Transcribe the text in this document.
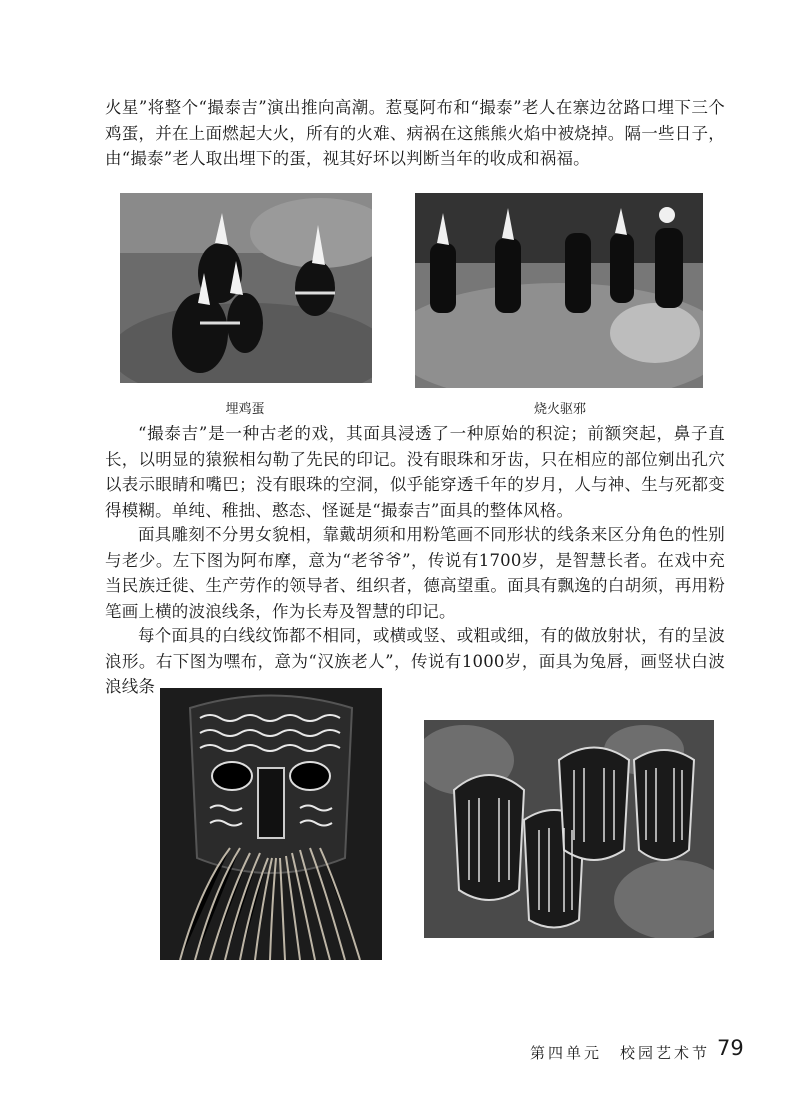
火星”将整个“撮泰吉”演出推向高潮。惹戛阿布和“撮泰”老人在寨边岔路口埋下三个鸡蛋，并在上面燃起大火，所有的火难、病祸在这熊熊火焰中被烧掉。隔一些日子，由“撮泰”老人取出埋下的蛋，视其好坏以判断当年的收成和祸福。
埋鸡蛋	烧火驱邪
“撮泰吉”是一种古老的戏，其面具浸透了一种原始的积淀；前额突起，鼻子直长，以明显的猿猴相勾勒了先民的印记。没有眼珠和牙齿，只在相应的部位剜出孔穴以表示眼睛和嘴巴；没有眼珠的空洞，似乎能穿透千年的岁月，人与神、生与死都变得模糊。单纯、稚拙、憨态、怪诞是“撮泰吉”面具的整体风格。
面具雕刻不分男女貌相，靠戴胡须和用粉笔画不同形状的线条来区分角色的性别与老少。左下图为阿布摩，意为“老爷爷”，传说有1700岁，是智慧长者。在戏中充当民族迁徙、生产劳作的领导者、组织者，德高望重。面具有飘逸的白胡须，再用粉笔画上横的波浪线条，作为长寿及智慧的印记。
每个面具的白线纹饰都不相同，或横或竖、或粗或细，有的做放射状，有的呈波浪形。右下图为嘿布，意为“汉族老人”，传说有1000岁，面具为兔唇，画竖状白波浪线条
第四单元　校园艺术节 79
